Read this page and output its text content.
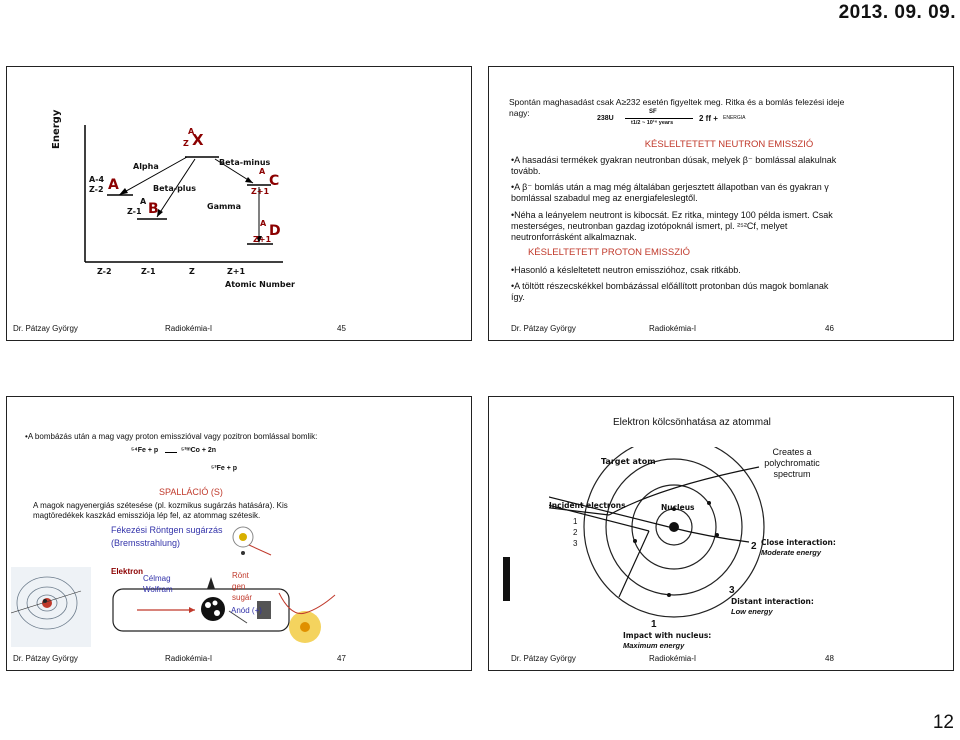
2013. 09. 09.
Energy
A-4
Z-2 A
A
Z-1 B
A
Z X
A
Z+1
C
A
Z+1
D
Alpha
Beta-plus
Beta-minus
Gamma
Z-2	Z-1	Z	Z+1
Atomic Number
Dr. Pátzay György	Radiokémia-I	45
Spontán maghasadást csak A≥232 esetén figyeltek meg. Ritka és a bomlás felezési ideje nagy:
238U
SF
t1/2 ~ 10¹⁶ years	2 ff + ENERGIA
KÉSLELTETETT NEUTRON EMISSZIÓ
•A hasadási termékek gyakran neutronban dúsak, melyek β⁻ bomlással alakulnak tovább.
•A β⁻ bomlás után a mag még általában gerjesztett állapotban van és gyakran γ bomlással szabadul meg az energiafeleslegtől.
•Néha a leányelem neutront is kibocsát. Ez ritka, mintegy 100 példa ismert. Csak mesterséges, neutronban gazdag izotópoknál ismert, pl. ²⁵²Cf, melyet neutronforrásként alkalmaznak.
KÉSLELTETETT PROTON EMISSZIÓ
•Hasonló a késleltetett neutron emisszióhoz, csak ritkább.
•A töltött részecskékkel bombázással előállított protonban dús magok bomlanak így.
Dr. Pátzay György	Radiokémia-I	46
•A bombázás után a mag vagy proton emisszióval vagy pozitron bomlással bomlik:
⁵⁴Fe + p	⁵³ᵐCo + 2n
⁵³Fe + p
SPALLÁCIÓ (S)
A magok nagyenergiás szétesése (pl. kozmikus sugárzás hatására). Kis magtöredékek kaszkád emissziója lép fel, az atommag szétesik.
Fékezési Röntgen sugárzás
(Bremsstrahlung)
Elektron
Célmag
Wolfram
Rönt
gen
sugár
Anód (+)
Dr. Pátzay György	Radiokémia-I	47
Elektron kölcsönhatása az atommal
Target atom
Creates a polychromatic spectrum
Incident electrons	Nucleus
1
2
3	2 Close interaction:
Moderate energy
3
Distant interaction:
Low energy
1
Impact with nucleus:
Maximum energy
Dr. Pátzay György	Radiokémia-I	48
12
